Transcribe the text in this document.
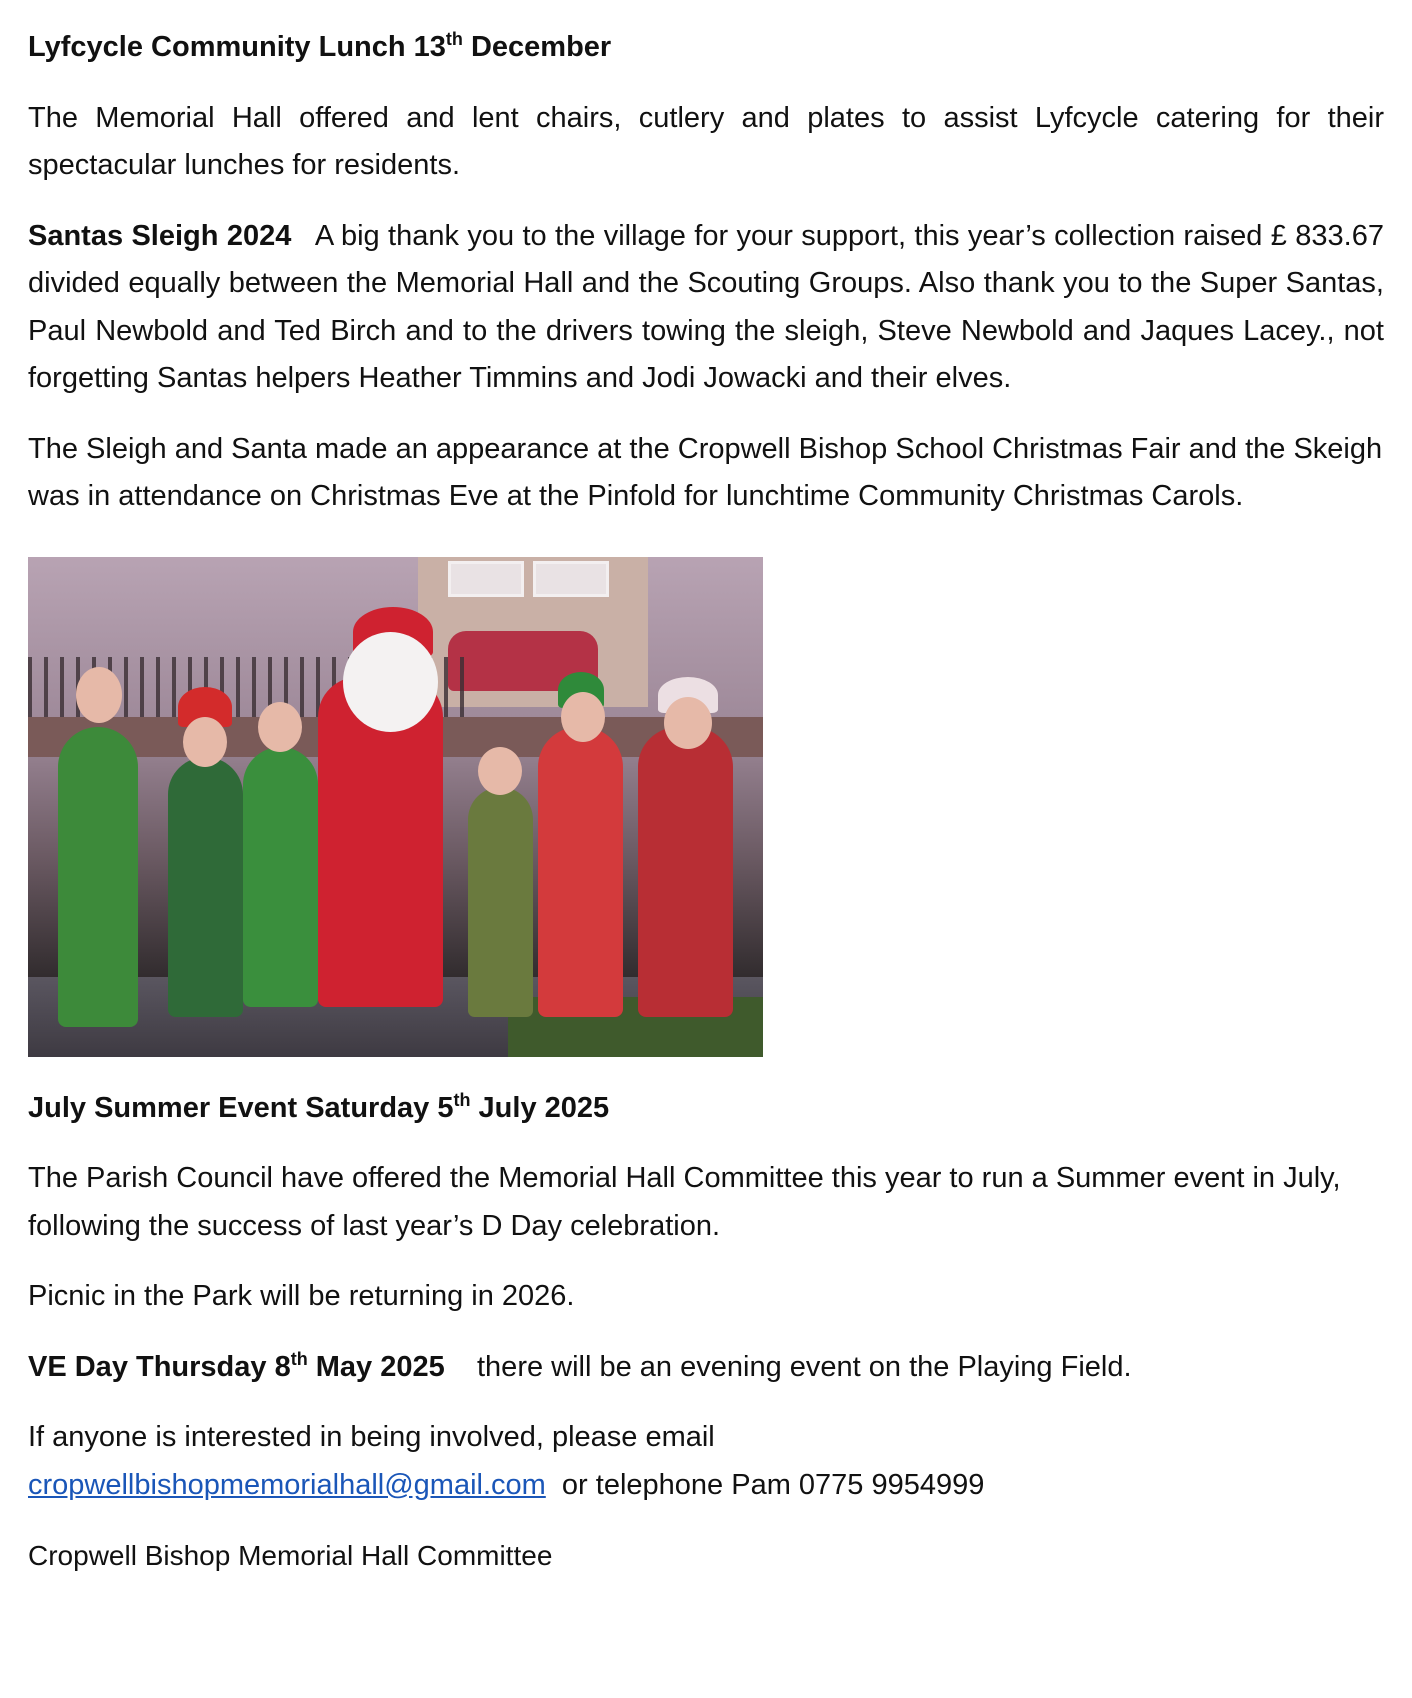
Lyfcycle Community Lunch 13th December

The Memorial Hall offered and lent chairs, cutlery and plates to assist Lyfcycle catering for their spectacular lunches for residents.

Santas Sleigh 2024 A big thank you to the village for your support, this year’s collection raised £ 833.67 divided equally between the Memorial Hall and the Scouting Groups. Also thank you to the Super Santas, Paul Newbold and Ted Birch and to the drivers towing the sleigh, Steve Newbold and Jaques Lacey., not forgetting Santas helpers Heather Timmins and Jodi Jowacki and their elves.

The Sleigh and Santa made an appearance at the Cropwell Bishop School Christmas Fair and the Skeigh was in attendance on Christmas Eve at the Pinfold for lunchtime Community Christmas Carols.

July Summer Event Saturday 5th July 2025

The Parish Council have offered the Memorial Hall Committee this year to run a Summer event in July, following the success of last year’s D Day celebration.

Picnic in the Park will be returning in 2026.

VE Day Thursday 8th May 2025 there will be an evening event on the Playing Field.

If anyone is interested in being involved, please email
cropwellbishopmemorialhall@gmail.com or telephone Pam 0775 9954999

Cropwell Bishop Memorial Hall Committee
